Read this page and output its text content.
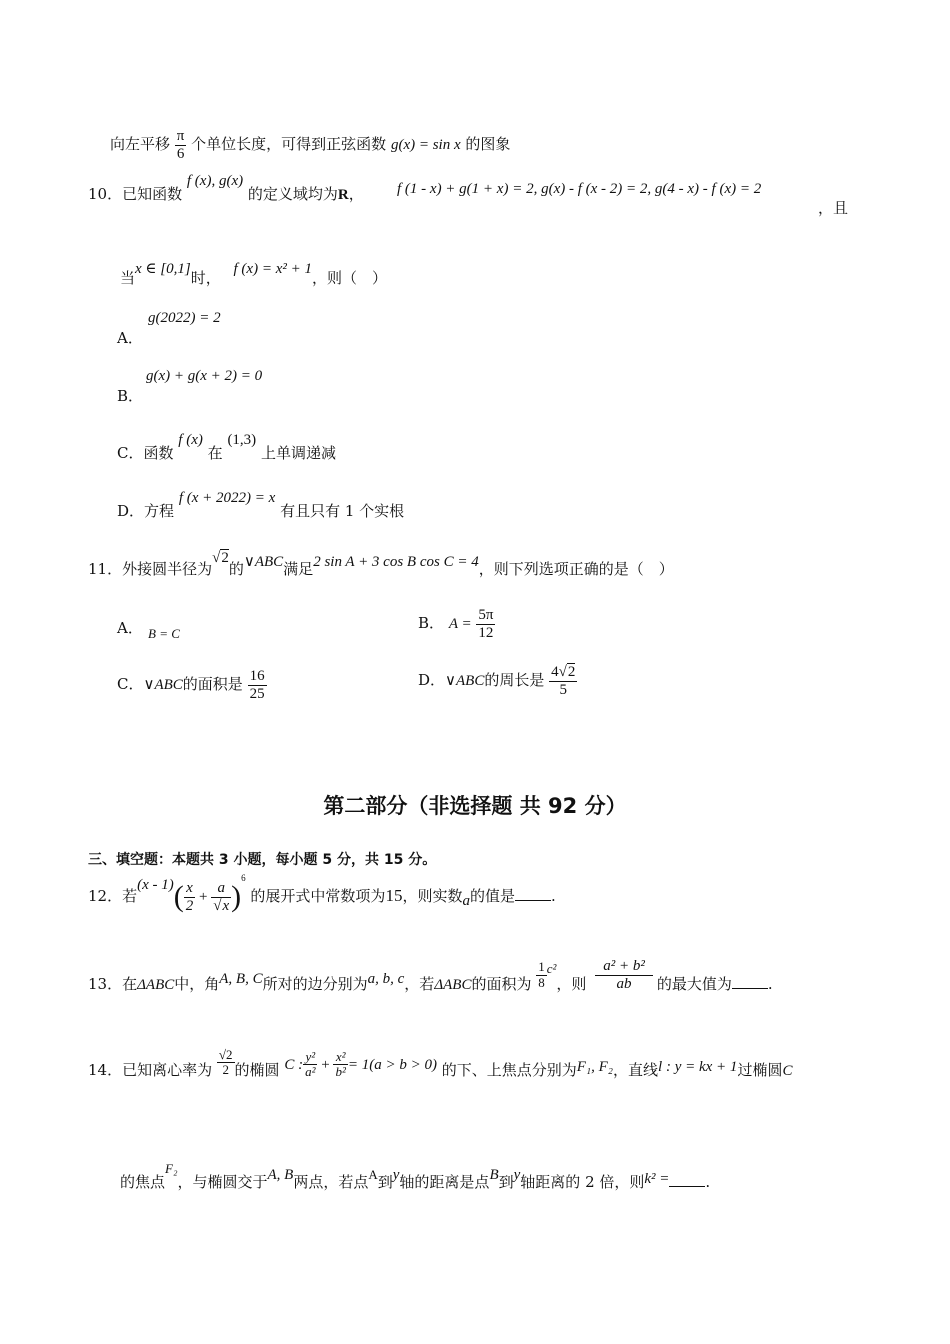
向左平移 $\frac{\pi}{6}$ 个单位长度，可得到正弦函数 g(x) = sin x 的图象
10．已知函数 f (x), g(x) 的定义域均为R， f (1 - x) + g(1 + x) = 2, g(x) - f (x - 2) = 2, g(4 - x) - f (x) = 2
，且
当x ∈ [0,1]时， f (x) = x² + 1，则（　）
A．
g(2022) = 2
B．
g(x) + g(x + 2) = 0
C．函数 f (x) 在 (1,3) 上单调递减
D．方程 f (x + 2022) = x 有且只有 1 个实根
11．外接圆半径为√2的∨ABC满足2 sin A + 3 cos B cos C = 4，则下列选项正确的是（　）
A． B = C
B． $A = \frac{5\pi}{12}$
C．∨ABC的面积是 $\frac{16}{25}$	D．∨ABC的周长是 $\frac{4√2}{5}$
第二部分（非选择题 共 92 分）
三、填空题：本题共 3 小题，每小题 5 分，共 15 分。
12．若$(x - 1)( \frac{x}{2} + \frac{a}{√x} )^6$ 的展开式中常数项为15，则实数a的值是 .
13．在ΔABC中，角A, B, C所对的边分别为a, b, c，若ΔABC的面积为 $\frac{1}{8} c^2$，则 $\frac{\text{a² + b²}}{ab}$ 的最大值为 .
14．已知离心率为 $\frac{√2}{2}$ 的椭圆 C : $\frac{\text{y²}}{\text{a²}} + \frac{\text{x²}}{\text{b²}} = 1(a > b > 0)$ 的下、上焦点分别为F₁, F₂，直线l : y = kx + 1过椭圆C
的焦点F₂，与椭圆交于A, B两点，若点A到y轴的距离是点B到y轴距离的 2 倍，则k² = .
